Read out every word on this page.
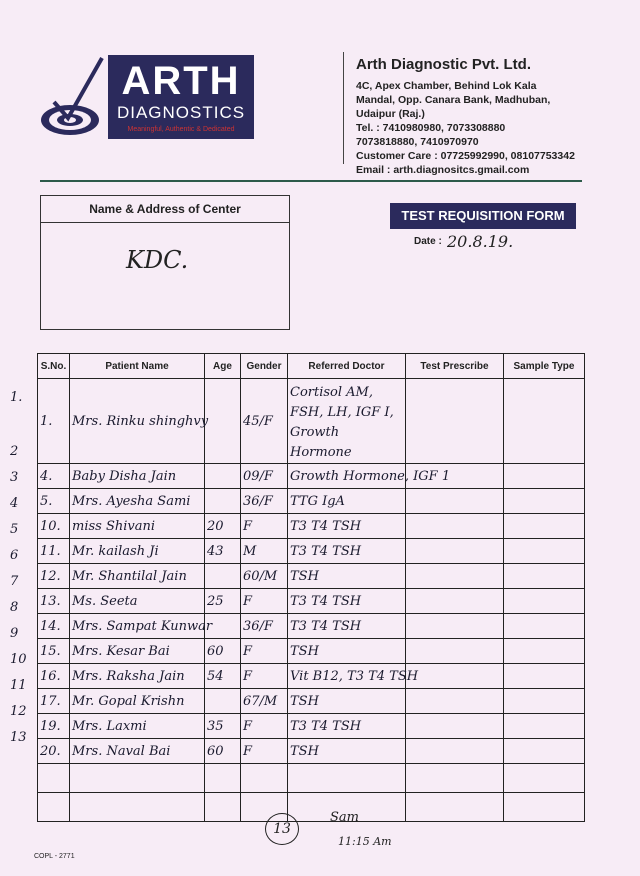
ARTH
DIAGNOSTICS
Meaningful, Authentic & Dedicated
Arth Diagnostic Pvt. Ltd.
4C, Apex Chamber, Behind Lok Kala
Mandal, Opp. Canara Bank, Madhuban,
Udaipur (Raj.)
Tel. : 7410980980, 7073308880
7073818880, 7410970970
Customer Care : 07725992990, 08107753342
Email : arth.diagnositcs.gmail.com
Name & Address of Center
KDC.
TEST REQUISITION FORM
Date : 20.8.19.
1.
2
3
4
5
6
7
8
9
10
11
12
13
S.No.	Patient Name	Age	Gender	Referred Doctor	Test Prescribe	Sample Type
1.	Mrs. Rinku shinghvy		45/F	Cortisol AM, FSH, LH, IGF I, Growth Hormone		
4.	Baby Disha Jain		09/F	Growth Hormone, IGF 1		
5.	Mrs. Ayesha Sami		36/F	TTG IgA		
10.	miss Shivani	20	F	T3 T4 TSH		
11.	Mr. kailash Ji	43	M	T3 T4 TSH		
12.	Mr. Shantilal Jain		60/M	TSH		
13.	Ms. Seeta	25	F	T3 T4 TSH		
14.	Mrs. Sampat Kunwar		36/F	T3 T4 TSH		
15.	Mrs. Kesar Bai	60	F	TSH		
16.	Mrs. Raksha Jain	54	F	Vit B12, T3 T4 TSH		
17.	Mr. Gopal Krishn		67/M	TSH		
19.	Mrs. Laxmi	35	F	T3 T4 TSH		
20.	Mrs. Naval Bai	60	F	TSH		

13
Sam
11:15 Am
COPL - 2771
